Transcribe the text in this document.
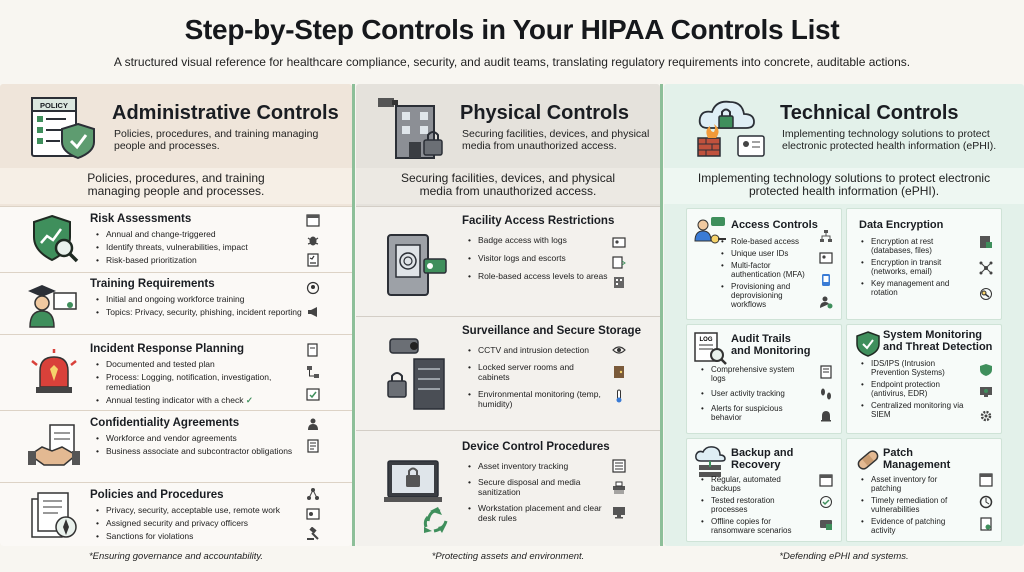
Step-by-Step Controls in Your HIPAA Controls List
A structured visual reference for healthcare compliance, security, and audit teams, translating regulatory requirements into concrete, auditable actions.
POLICY Administrative Controls
Policies, procedures, and training managing people and processes.
Policies, procedures, and training managing people and processes.
Risk Assessments
• Annual and change-triggered
• Identify threats, vulnerabilities, impact
• Risk-based prioritization
Training Requirements
• Initial and ongoing workforce training
• Topics: Privacy, security, phishing, incident reporting
Incident Response Planning
• Documented and tested plan
• Process: Logging, notification, investigation, remediation
• Annual testing indicator with a check ✓
Confidentiality Agreements
• Workforce and vendor agreements
• Business associate and subcontractor obligations
Policies and Procedures
• Privacy, security, acceptable use, remote work
• Assigned security and privacy officers
• Sanctions for violations
Physical Controls
Securing facilities, devices, and physical media from unauthorized access.
Securing facilities, devices, and physical media from unauthorized access.
Facility Access Restrictions
• Badge access with logs
• Visitor logs and escorts
• Role-based access levels to areas
Surveillance and Secure Storage
• CCTV and intrusion detection
• Locked server rooms and cabinets
• Environmental monitoring (temp, humidity)
Device Control Procedures
• Asset inventory tracking
• Secure disposal and media sanitization
• Workstation placement and clear desk rules
Technical Controls
Implementing technology solutions to protect electronic protected health information (ePHI).
Implementing technology solutions to protect electronic protected health information (ePHI).
Access Controls
• Role-based access
• Unique user IDs
• Multi-factor authentication (MFA)
• Provisioning and deprovisioning workflows
Data Encryption
• Encryption at rest (databases, files)
• Encryption in transit (networks, email)
• Key management and rotation
LOG Audit Trails and Monitoring
• Comprehensive system logs
• User activity tracking
• Alerts for suspicious behavior
System Monitoring and Threat Detection
• IDS/IPS (Intrusion Prevention Systems)
• Endpoint protection (antivirus, EDR)
• Centralized monitoring via SIEM
Backup and Recovery
• Regular, automated backups
• Tested restoration processes
• Offline copies for ransomware scenarios
Patch Management
• Asset inventory for patching
• Timely remediation of vulnerabilities
• Evidence of patching activity
*Ensuring governance and accountability.	*Protecting assets and environment.	*Defending ePHI and systems.
